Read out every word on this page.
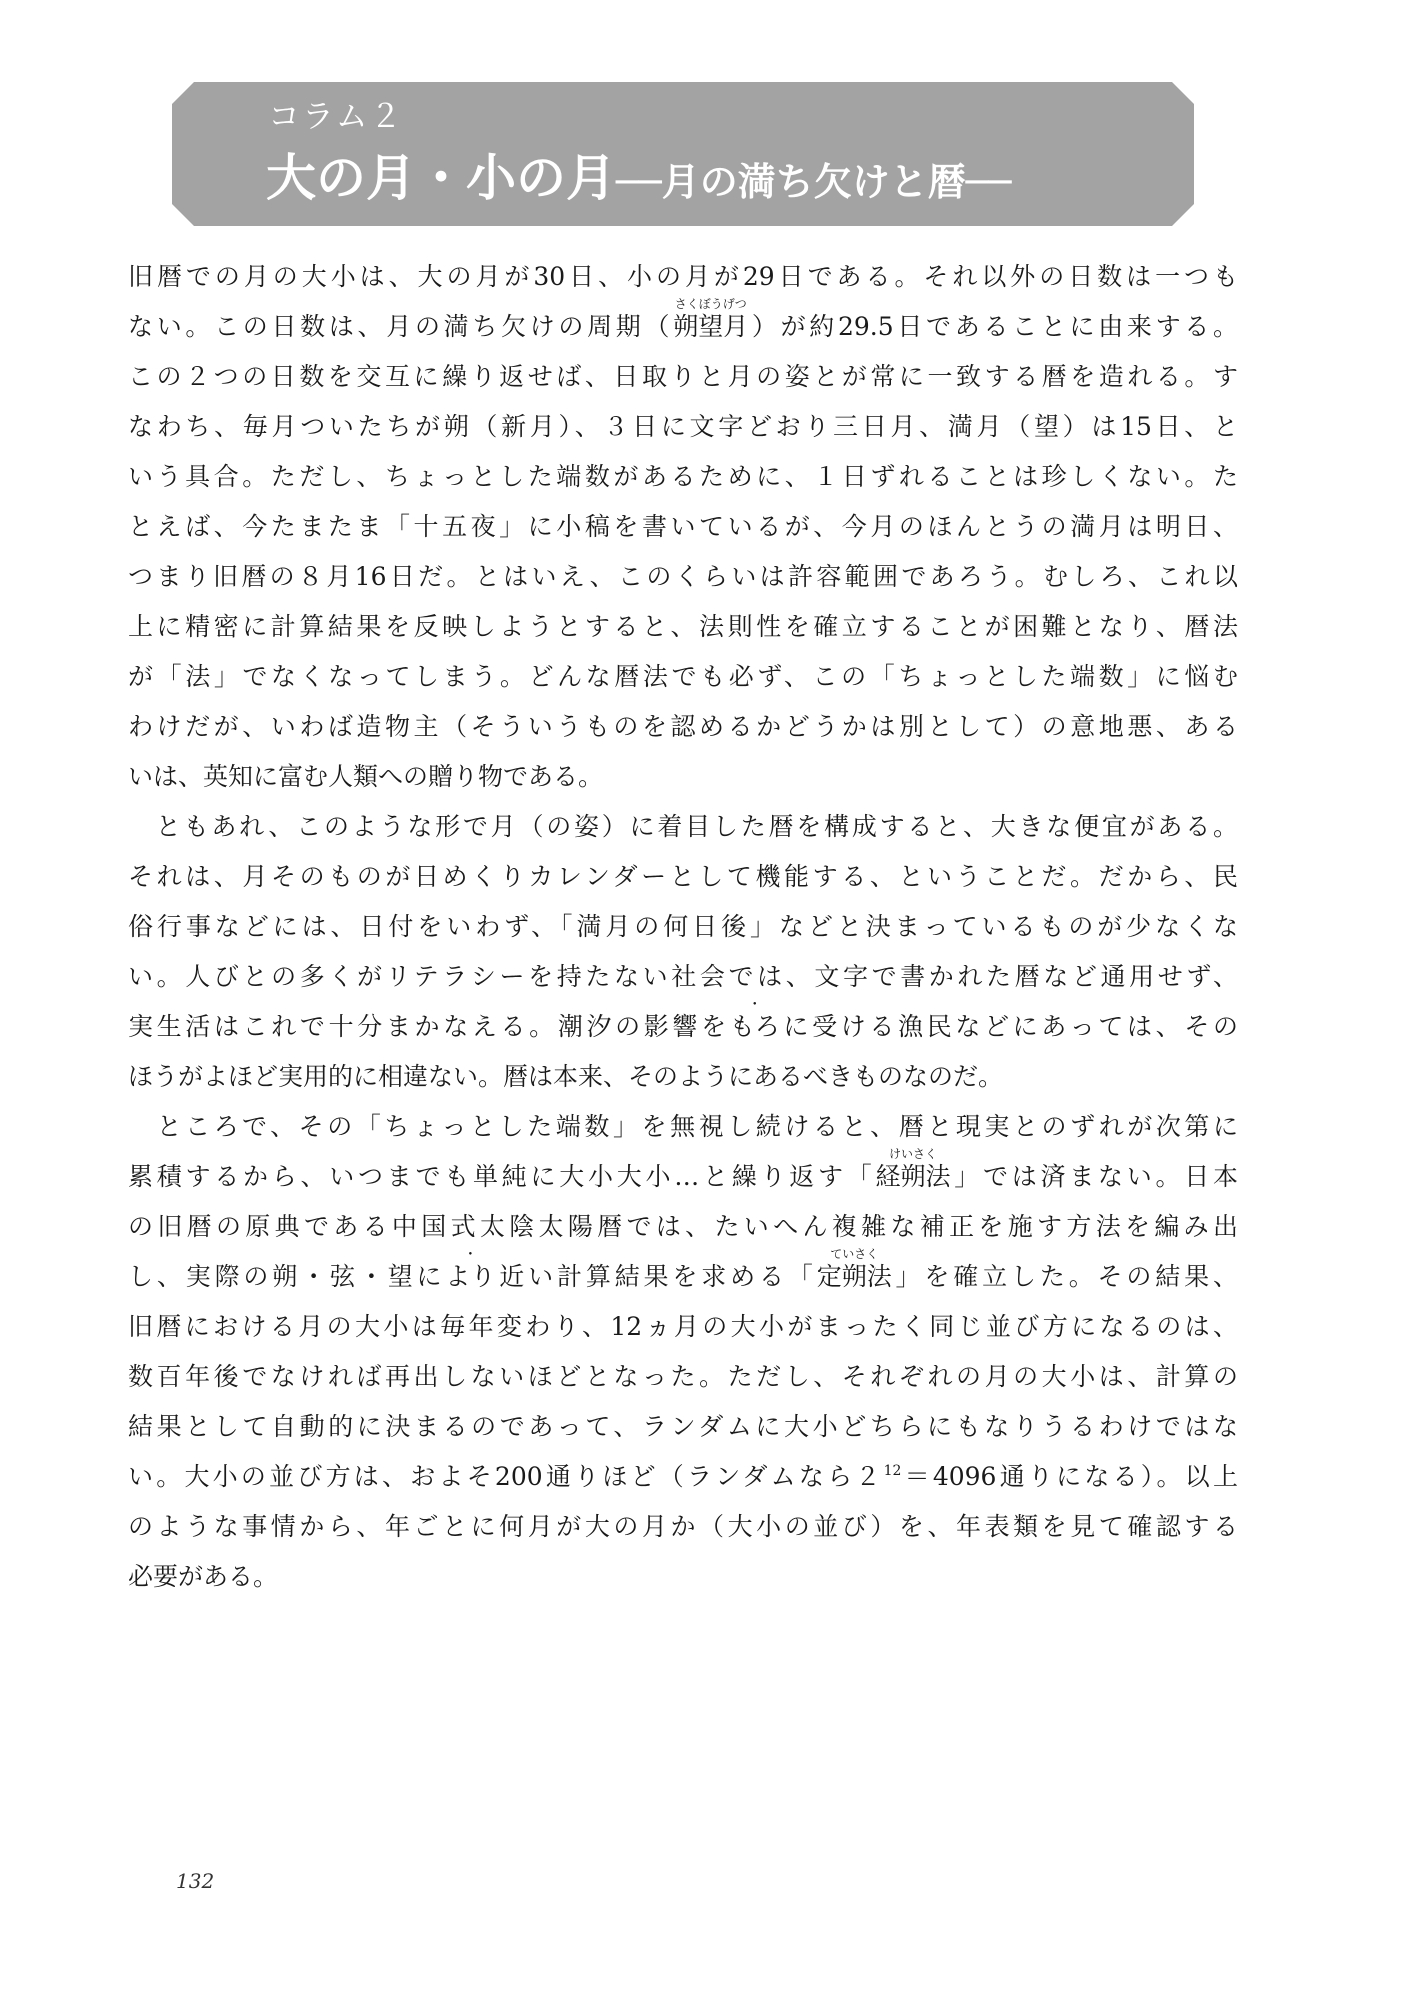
コラム２
大の月・小の月──月の満ち欠けと暦──
旧暦での月の大小は、大の月が30日、小の月が29日である。それ以外の日数は一つも
ない。この日数は、月の満ち欠けの周期（朔望月
さくぼうげつ
）が約29.5日であることに由来する。
この２つの日数を交互に繰り返せば、日取りと月の姿とが常に一致する暦を造れる。す
なわち、毎月ついたちが朔（新月）、３日に文字どおり三日月、満月（望）は15日、と
いう具合。ただし、ちょっとした端数があるために、１日ずれることは珍しくない。た
とえば、今たまたま「十五夜」に小稿を書いているが、今月のほんとうの満月は明日、
つまり旧暦の８月16日だ。とはいえ、このくらいは許容範囲であろう。むしろ、これ以
上に精密に計算結果を反映しようとすると、法則性を確立することが困難となり、暦法
が「法」でなくなってしまう。どんな暦法でも必ず、この「ちょっとした端数」に悩む
わけだが、いわば造物主（そういうものを認めるかどうかは別として）の意地悪、ある
いは、英知に富む人類への贈り物である。
　ともあれ、このような形で月（の姿）に着目した暦を構成すると、大きな便宜がある。
それは、月そのものが日めくりカレンダーとして機能する、ということだ。だから、民
俗行事などには、日付をいわず、「満月の何日後」などと決まっているものが少なくな
い。人びとの多くがリテラシーを持たない社会では、文字で書かれた暦など通用せず、
実生活はこれで十分まかなえる。潮汐の影響を・ もろに受ける漁民などにあっては、その
ほうがよほど実用的に相違ない。暦は本来、そのようにあるべきものなのだ。
　ところで、その「ちょっとした端数」を無視し続けると、暦と現実とのずれが次第に
累積するから、いつまでも単純に大小大小…と繰り返す「経朔法
けいさく
」では済まない。日本
の旧暦の原典である中国式太陰太陽暦では、たいへん複雑な補正を施す方法を編み出
し、実際の朔・弦・望に・ より近い計算結果を求める「定朔法
ていさく
」を確立した。その結果、
旧暦における月の大小は毎年変わり、12ヵ月の大小がまったく同じ並び方になるのは、
数百年後でなければ再出しないほどとなった。ただし、それぞれの月の大小は、計算の
結果として自動的に決まるのであって、ランダムに大小どちらにもなりうるわけではな
い。大小の並び方は、およそ200通りほど（ランダムなら$2^{12}=4096$通りになる）。以上
のような事情から、年ごとに何月が大の月か（大小の並び）を、年表類を見て確認する
必要がある。
132
